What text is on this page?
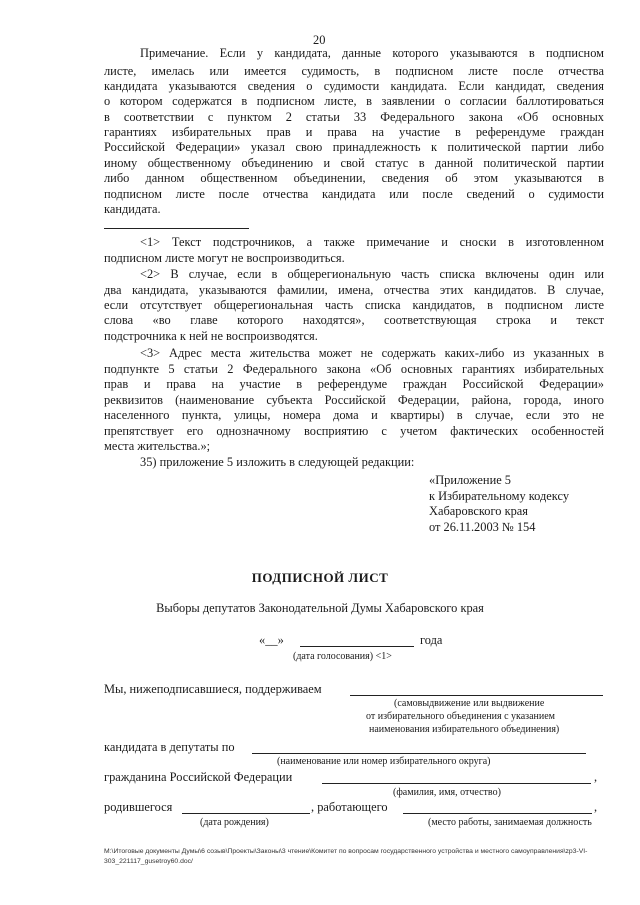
20
Примечание. Если у кандидата, данные которого указываются в подписном
листе, имелась или имеется судимость, в подписном листе после отчества
кандидата указываются сведения о судимости кандидата. Если кандидат, сведения
о котором содержатся в подписном листе, в заявлении о согласии баллотироваться
в соответствии с пунктом 2 статьи 33 Федерального закона «Об основных
гарантиях избирательных прав и права на участие в референдуме граждан
Российской Федерации» указал свою принадлежность к политической партии либо
иному общественному объединению и свой статус в данной политической партии
либо данном общественном объединении, сведения об этом указываются в
подписном листе после отчества кандидата или после сведений о судимости
кандидата.
<1> Текст подстрочников, а также примечание и сноски в изготовленном
подписном листе могут не воспроизводиться.
<2> В случае, если в общерегиональную часть списка включены один или
два кандидата, указываются фамилии, имена, отчества этих кандидатов. В случае,
если отсутствует общерегиональная часть списка кандидатов, в подписном листе
слова «во главе которого находятся», соответствующая строка и текст
подстрочника к ней не воспроизводятся.
<3> Адрес места жительства может не содержать каких-либо из указанных в
подпункте 5 статьи 2 Федерального закона «Об основных гарантиях избирательных
прав и права на участие в референдуме граждан Российской Федерации»
реквизитов (наименование субъекта Российской Федерации, района, города, иного
населенного пункта, улицы, номера дома и квартиры) в случае, если это не
препятствует его однозначному восприятию с учетом фактических особенностей
места жительства.»;
35) приложение 5 изложить в следующей редакции:
«Приложение 5
к Избирательному кодексу
Хабаровского края
от 26.11.2003 № 154
ПОДПИСНОЙ ЛИСТ
Выборы депутатов Законодательной Думы Хабаровского края
«__»	года
(дата голосования) <1>
Мы, нижеподписавшиеся, поддерживаем
(самовыдвижение или выдвижение
от избирательного объединения с указанием
наименования избирательного объединения)
кандидата в депутаты по
(наименование или номер избирательного округа)
гражданина Российской Федерации	,
(фамилия, имя, отчество)
родившегося	, работающего	,
(дата рождения)	(место работы, занимаемая должность
M:\Итоговые документы Думы\6 созыв\Проекты\Законы\3 чтение\Комитет по вопросам государственного устройства и местного самоуправления\zp3-VI-
303_221117_gusetroy60.doc/
